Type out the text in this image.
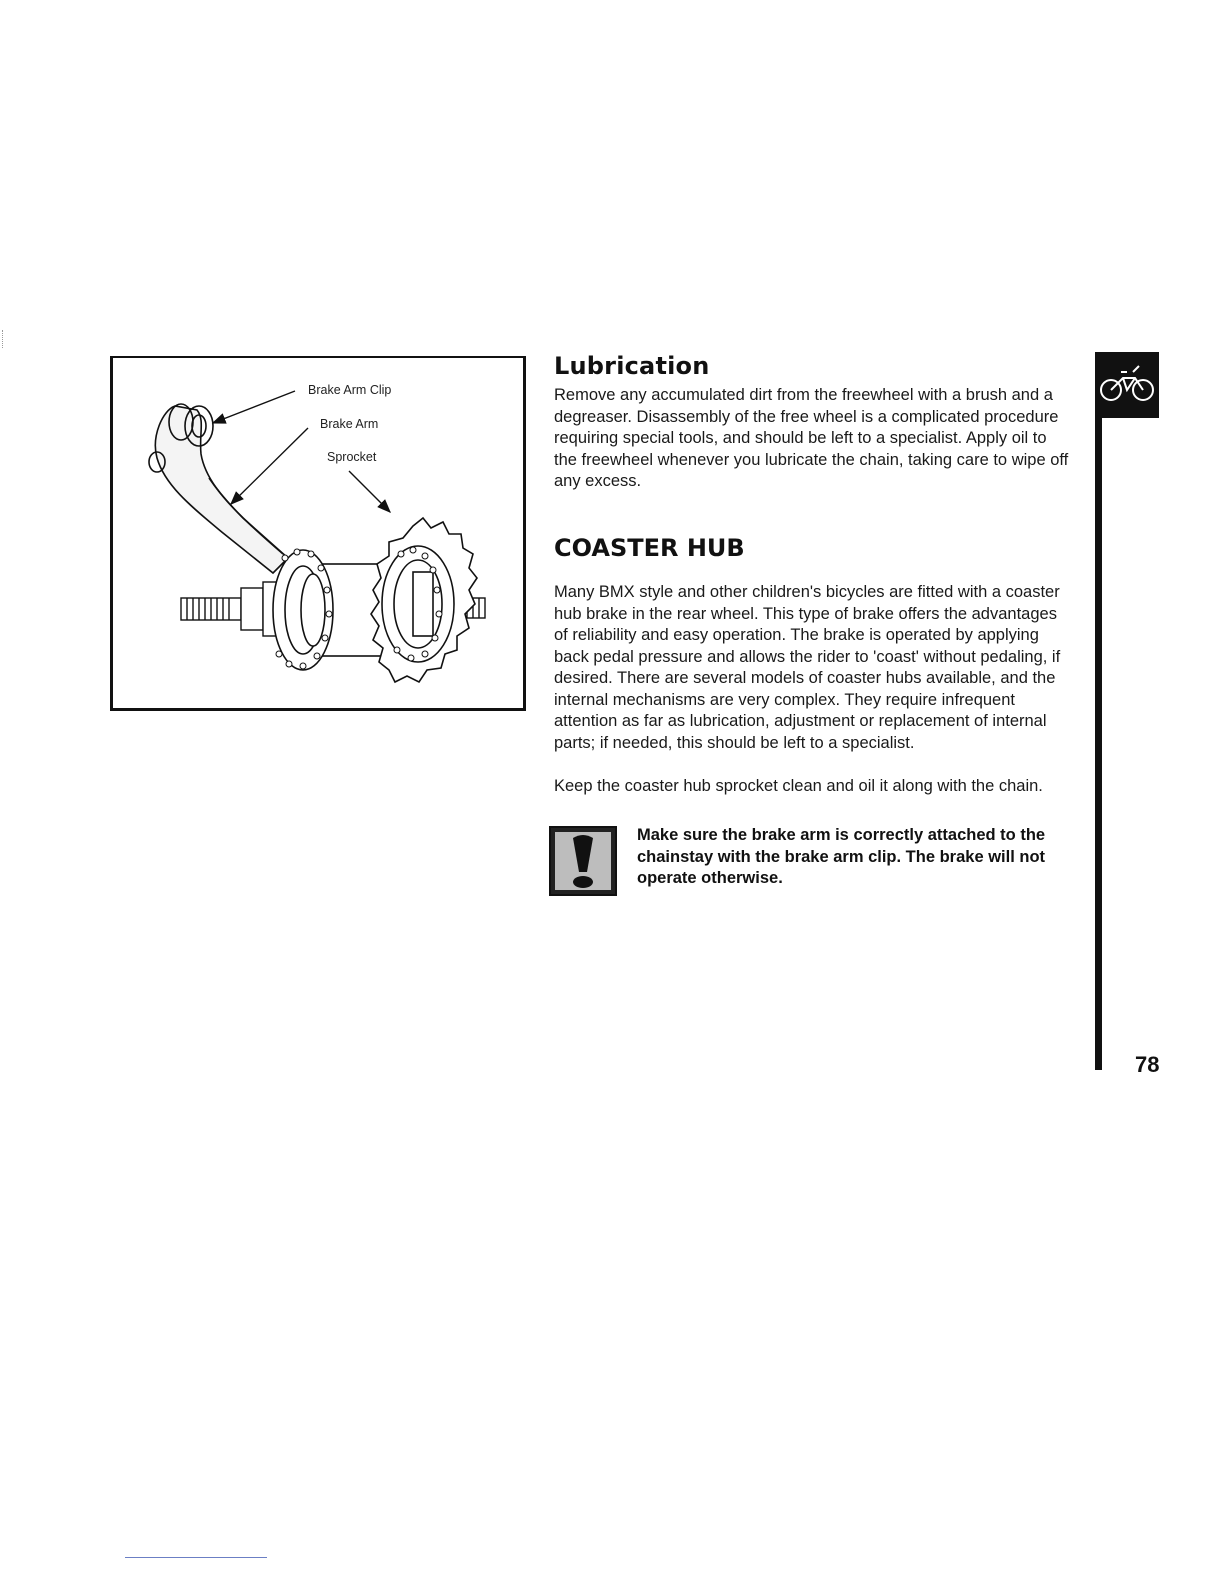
Brake Arm Clip
Brake Arm
Sprocket
Lubrication

Remove any accumulated dirt from the freewheel with a brush and a degreaser. Disassembly of the free wheel is a complicated procedure requiring special tools, and should be left to a specialist. Apply oil to the freewheel whenever you lubricate the chain, taking care to wipe off any excess.

COASTER HUB

Many BMX style and other children's bicycles are fitted with a coaster hub brake in the rear wheel. This type of brake offers the advantages of reliability and easy operation. The brake is operated by applying back pedal pressure and allows the rider to 'coast' without pedaling, if desired. There are several models of coaster hubs available, and the internal mechanisms are very complex. They require infrequent attention as far as lubrication, adjustment or replacement of internal parts; if needed, this should be left to a specialist.

Keep the coaster hub sprocket clean and oil it along with the chain.

Make sure the brake arm is correctly attached to the chainstay with the brake arm clip. The brake will not operate otherwise.

78
